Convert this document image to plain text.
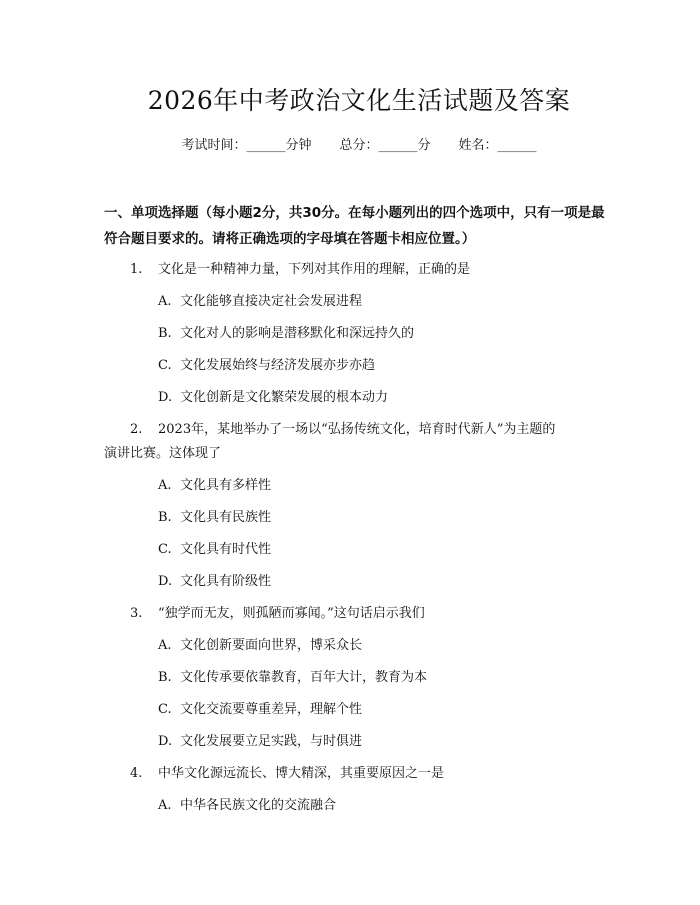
2026年中考政治文化生活试题及答案
考试时间：______分钟 总分：______分 姓名：______
一、单项选择题（每小题2分，共30分。在每小题列出的四个选项中，只有一项是最符合题目要求的。请将正确选项的字母填在答题卡相应位置。）
1. 文化是一种精神力量，下列对其作用的理解，正确的是
A. 文化能够直接决定社会发展进程
B. 文化对人的影响是潜移默化和深远持久的
C. 文化发展始终与经济发展亦步亦趋
D. 文化创新是文化繁荣发展的根本动力
2. 2023年，某地举办了一场以“弘扬传统文化，培育时代新人”为主题的
演讲比赛。这体现了
A. 文化具有多样性
B. 文化具有民族性
C. 文化具有时代性
D. 文化具有阶级性
3. “独学而无友，则孤陋而寡闻。”这句话启示我们
A. 文化创新要面向世界，博采众长
B. 文化传承要依靠教育，百年大计，教育为本
C. 文化交流要尊重差异，理解个性
D. 文化发展要立足实践，与时俱进
4. 中华文化源远流长、博大精深，其重要原因之一是
A. 中华各民族文化的交流融合
